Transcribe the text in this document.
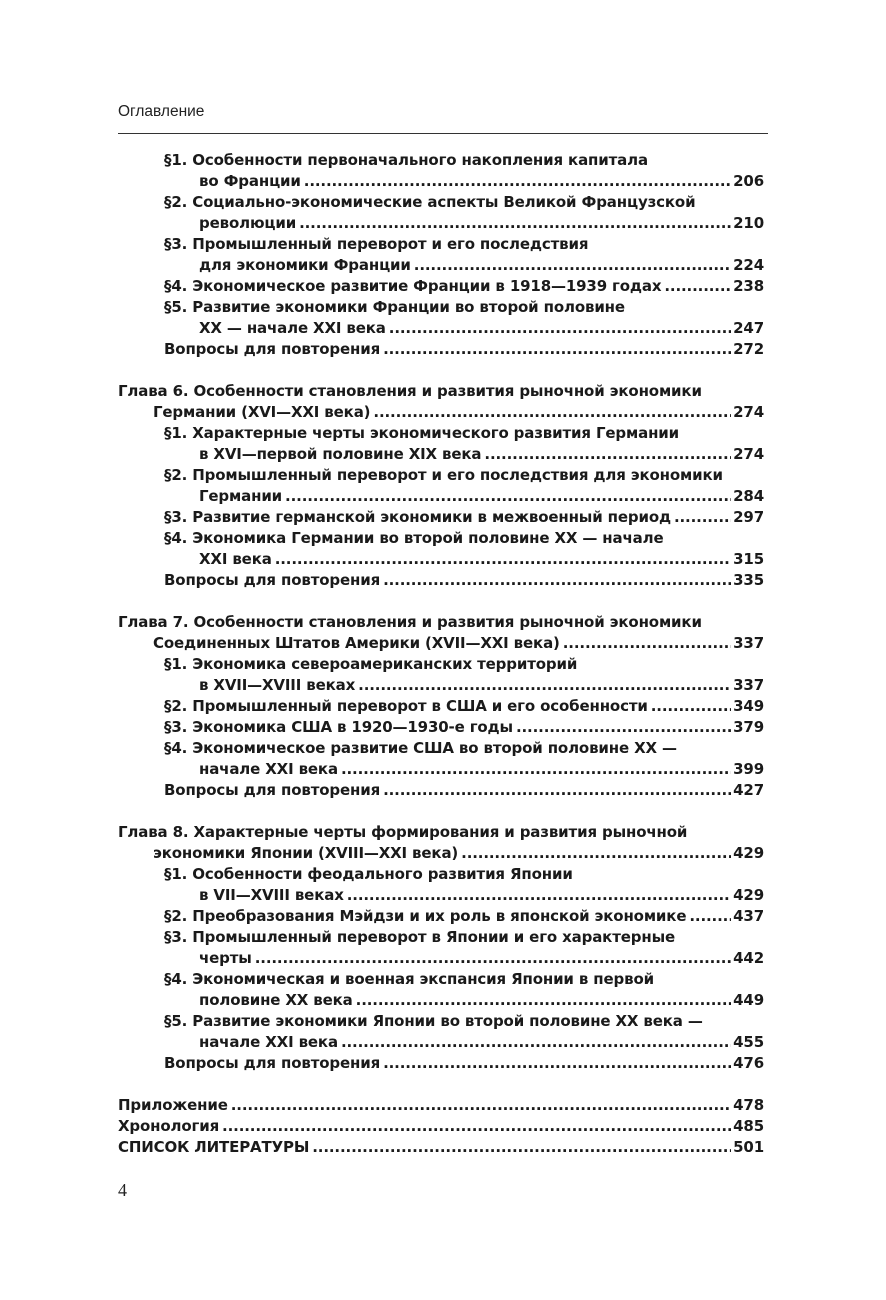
Оглавление
§1. Особенности первоначального накопления капитала
во Франции .....	206
§2. Социально-экономические аспекты Великой Французской
революции .....	210
§3. Промышленный переворот и его последствия
для экономики Франции .....	224
§4. Экономическое развитие Франции в 1918—1939 годах .....	238
§5. Развитие экономики Франции во второй половине
XX — начале XXI века .....	247
Вопросы для повторения .....	272
Глава 6. Особенности становления и развития рыночной экономики
Германии (XVI—XXI века) .....	274
§1. Характерные черты экономического развития Германии
в XVI—первой половине XIX века .....	274
§2. Промышленный переворот и его последствия для экономики
Германии .....	284
§3. Развитие германской экономики в межвоенный период .....	297
§4. Экономика Германии во второй половине XX — начале
XXI века .....	315
Вопросы для повторения .....	335
Глава 7. Особенности становления и развития рыночной экономики
Соединенных Штатов Америки (XVII—XXI века) .....	337
§1. Экономика североамериканских территорий
в XVII—XVIII веках .....	337
§2. Промышленный переворот в США и его особенности .....	349
§3. Экономика США в 1920—1930-е годы .....	379
§4. Экономическое развитие США во второй половине XX —
начале XXI века .....	399
Вопросы для повторения .....	427
Глава 8. Характерные черты формирования и развития рыночной
экономики Японии (XVIII—XXI века) .....	429
§1. Особенности феодального развития Японии
в VII—XVIII веках .....	429
§2. Преобразования Мэйдзи и их роль в японской экономике .....	437
§3. Промышленный переворот в Японии и его характерные
черты .....	442
§4. Экономическая и военная экспансия Японии в первой
половине XX века .....	449
§5. Развитие экономики Японии во второй половине XX века —
начале XXI века .....	455
Вопросы для повторения .....	476
Приложение .....	478
Хронология .....	485
СПИСОК ЛИТЕРАТУРЫ .....	501
4
